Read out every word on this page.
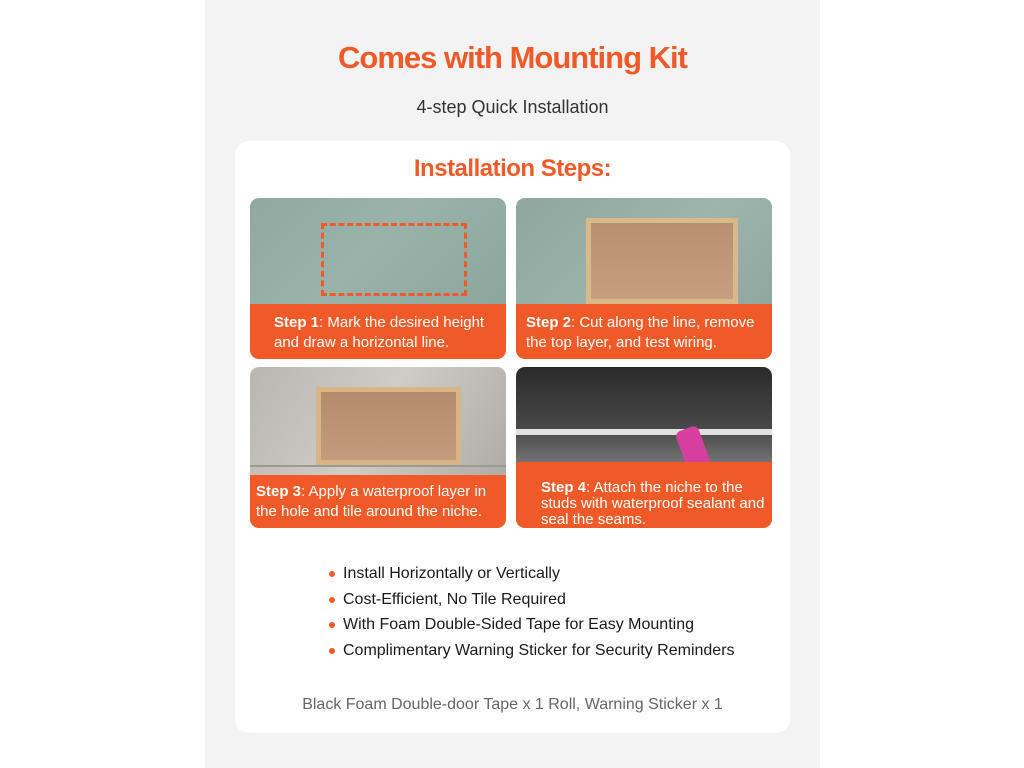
Comes with Mounting Kit
4-step Quick Installation
Installation Steps:
Step 1: Mark the desired height and draw a horizontal line.
Step 2: Cut along the line, remove the top layer, and test wiring.
Step 3: Apply a waterproof layer in the hole and tile around the niche.
Step 4: Attach the niche to the studs with waterproof sealant and seal the seams.
Install Horizontally or Vertically
Cost-Efficient, No Tile Required
With Foam Double-Sided Tape for Easy Mounting
Complimentary Warning Sticker for Security Reminders
Black Foam Double-door Tape x 1 Roll, Warning Sticker x 1
